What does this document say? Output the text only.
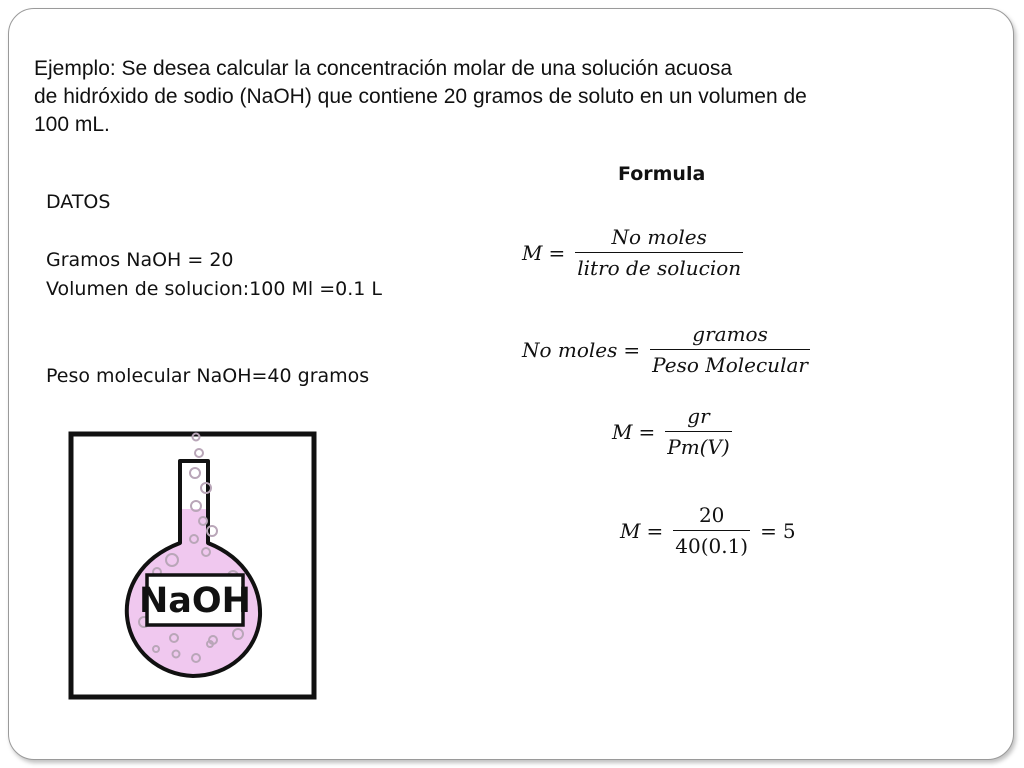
Ejemplo: Se desea calcular la concentración molar de una solución acuosa
de hidróxido de sodio (NaOH) que contiene 20 gramos de soluto en un volumen de
100 mL.
DATOS
Gramos NaOH = 20
Volumen de solucion:100 Ml =0.1 L
Peso molecular NaOH=40 gramos
Formula
$M = \frac{\text{No moles}}{\text{litro de solucion}}$
No moles = $\frac{\text{gramos}}{\text{Peso Molecular}}$
$M = \frac{gr}{Pm(V)}$
$M = \frac{20}{40(0.1)} = 5$
NaOH
